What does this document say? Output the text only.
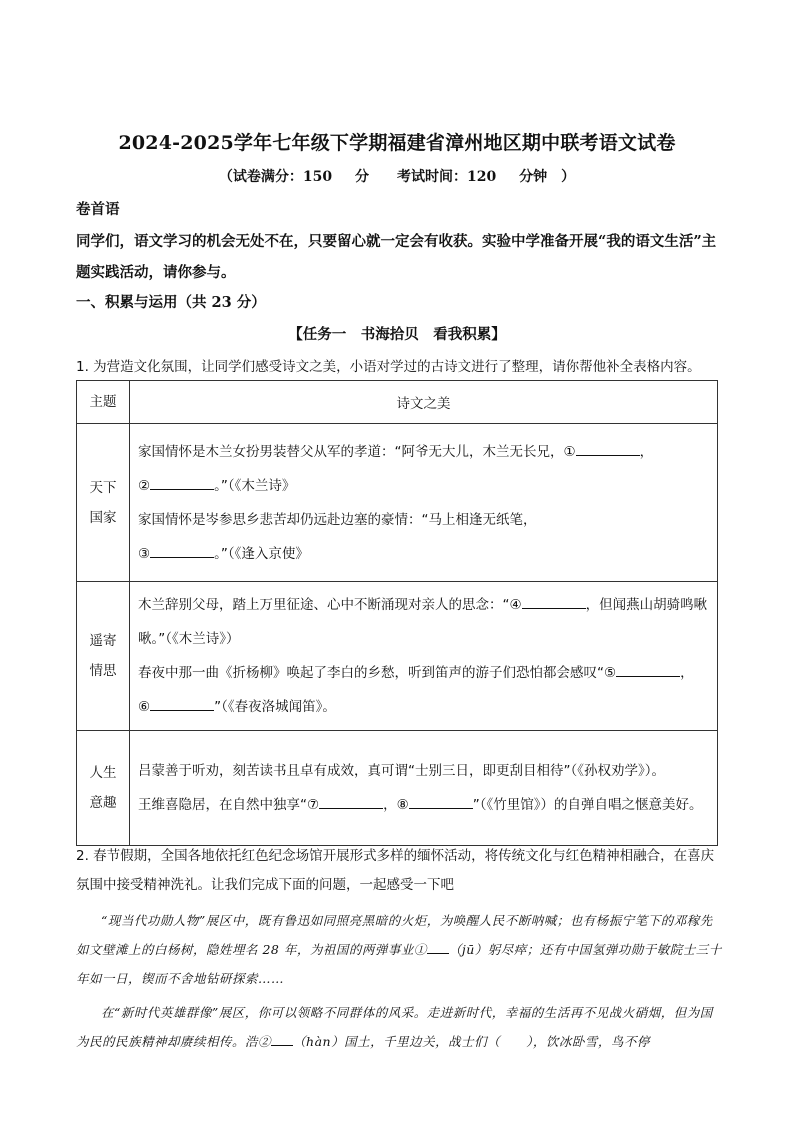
2024-2025学年七年级下学期福建省漳州地区期中联考语文试卷
（试卷满分：150 分　　考试时间：120 分钟　）
卷首语
同学们，语文学习的机会无处不在，只要留心就一定会有收获。实验中学准备开展“我的语文生活”主题实践活动，请你参与。
一、积累与运用（共 23 分）
【任务一　书海拾贝　看我积累】
1. 为营造文化氛围，让同学们感受诗文之美，小语对学过的古诗文进行了整理，请你帮他补全表格内容。
主题	诗文之美
天下国家	家国情怀是木兰女扮男装替父从军的孝道：“阿爷无大儿，木兰无长兄，① ，
② 。”（《木兰诗》
家国情怀是岑参思乡悲苦却仍远赴边塞的豪情：“马上相逢无纸笔，
③ 。”（《逢入京使》

遥寄情思	木兰辞别父母，踏上万里征途、心中不断涌现对亲人的思念：“④ ，但闻燕山胡骑鸣啾啾。”（《木兰诗》）
春夜中那一曲《折杨柳》唤起了李白的乡愁，听到笛声的游子们恐怕都会感叹“⑤ ，
⑥ ”（《春夜洛城闻笛》。

人生意趣	吕蒙善于听劝，刻苦读书且卓有成效，真可谓“士别三日，即更刮目相待”（《孙权劝学》）。
王维喜隐居，在自然中独享“⑦ ，⑧ ”（《竹里馆》）的自弹自唱之惬意美好。
2. 春节假期，全国各地依托红色纪念场馆开展形式多样的缅怀活动，将传统文化与红色精神相融合，在喜庆氛围中接受精神洗礼。让我们完成下面的问题，一起感受一下吧
“现当代功勋人物”展区中，既有鲁迅如同照亮黑暗的火炬，为唤醒人民不断呐喊；也有杨振宁笔下的邓稼先如文壁滩上的白杨树，隐姓埋名 28 年，为祖国的两弹事业① （jū）躬尽瘁；还有中国氢弹功勋于敏院士三十年如一日，锲而不舍地钻研探索……
在“新时代英雄群像”展区，你可以领略不同群体的风采。走进新时代，幸福的生活再不见战火硝烟，但为国为民的民族精神却赓续相传。浩② （hàn）国土，千里边关，战士们（　　），饮冰卧雪，鸟不停
